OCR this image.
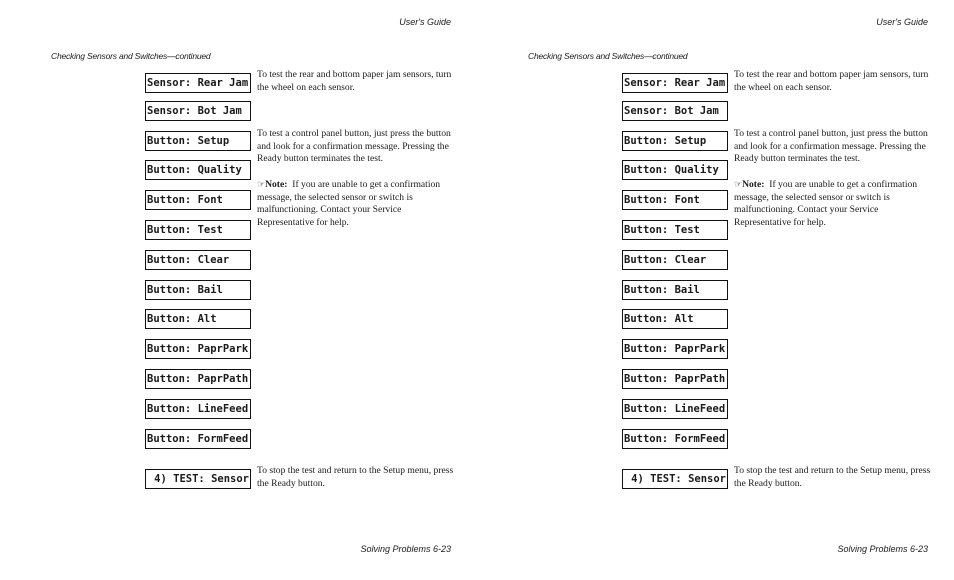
User's Guide
Checking Sensors and Switches—continued
Sensor: Rear Jam
Sensor: Bot Jam
Button: Setup
Button: Quality
Button: Font
Button: Test
Button: Clear
Button: Bail
Button: Alt
Button: PaprPark
Button: PaprPath
Button: LineFeed
Button: FormFeed
4) TEST: Sensor

To test the rear and bottom paper jam sensors, turn the wheel on each sensor.

To test a control panel button, just press the button and look for a confirmation message. Pressing the Ready button terminates the test.

☞Note: If you are unable to get a confirmation message, the selected sensor or switch is malfunctioning. Contact your Service Representative for help.

To stop the test and return to the Setup menu, press the Ready button.

Solving Problems 6-23
User's Guide
Checking Sensors and Switches—continued
Sensor: Rear Jam
Sensor: Bot Jam
Button: Setup
Button: Quality
Button: Font
Button: Test
Button: Clear
Button: Bail
Button: Alt
Button: PaprPark
Button: PaprPath
Button: LineFeed
Button: FormFeed
4) TEST: Sensor

To test the rear and bottom paper jam sensors, turn the wheel on each sensor.

To test a control panel button, just press the button and look for a confirmation message. Pressing the Ready button terminates the test.

☞Note: If you are unable to get a confirmation message, the selected sensor or switch is malfunctioning. Contact your Service Representative for help.

To stop the test and return to the Setup menu, press the Ready button.

Solving Problems 6-23
